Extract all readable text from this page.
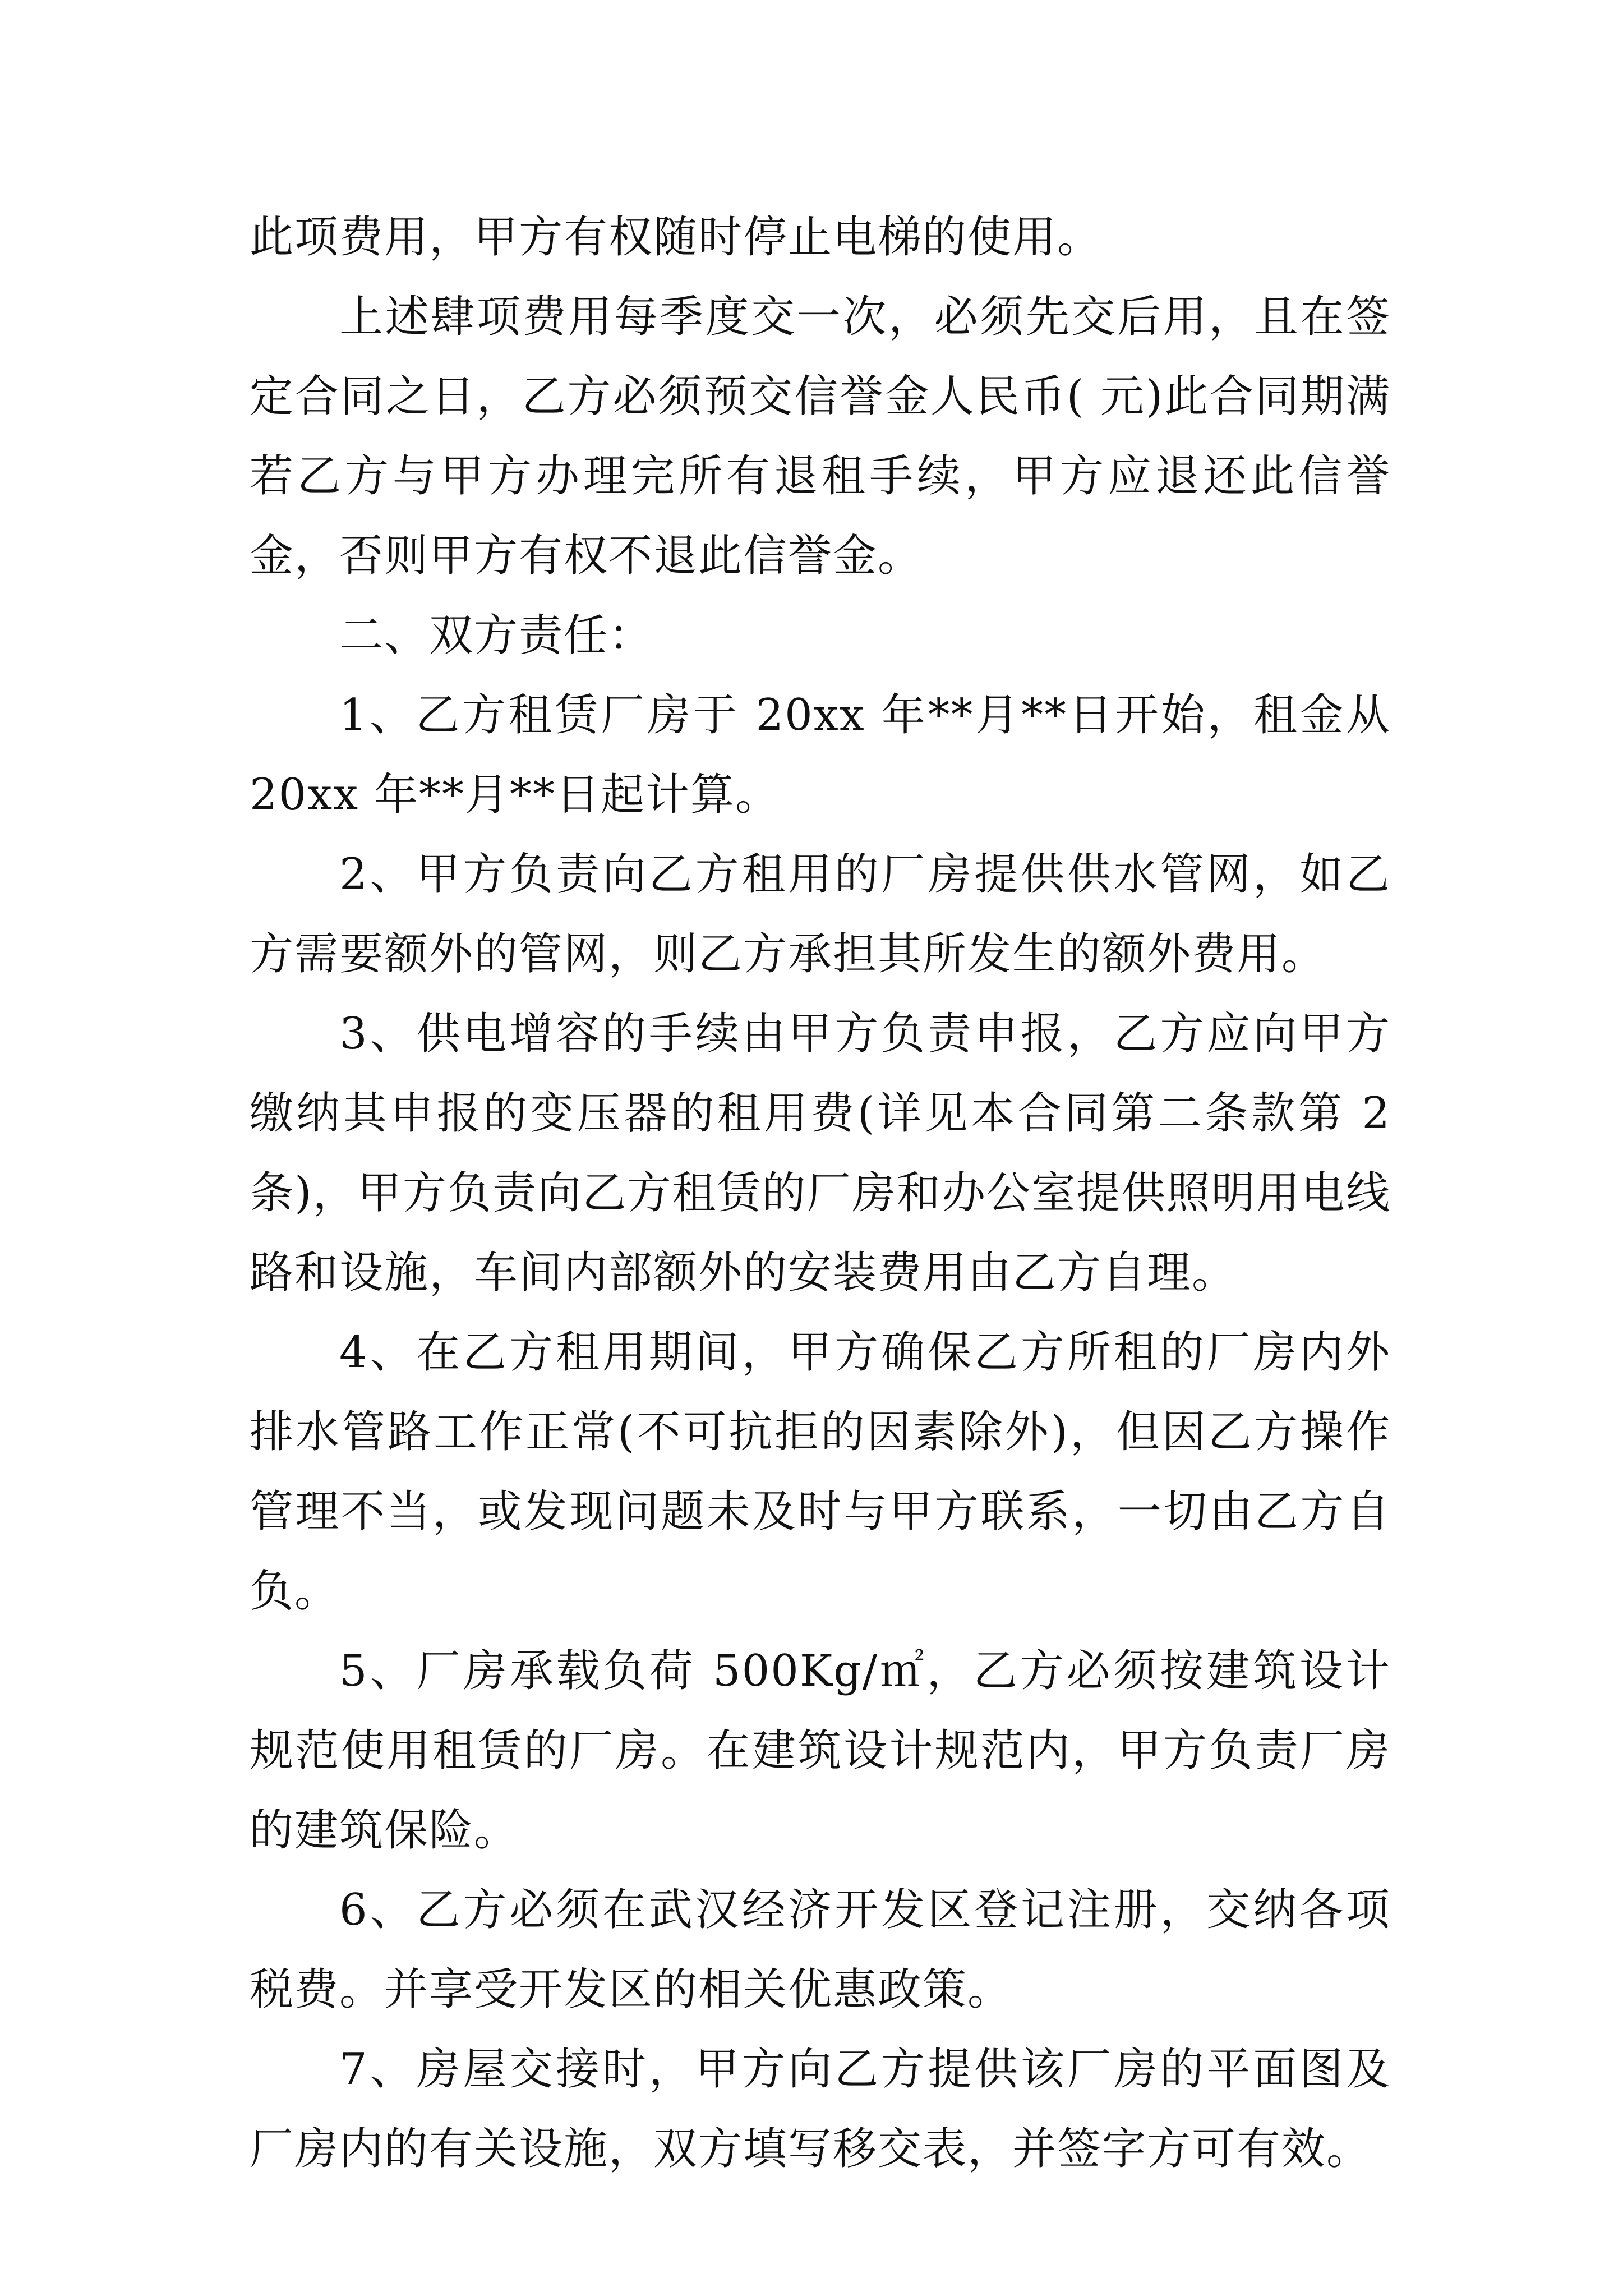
此项费用，甲方有权随时停止电梯的使用。

上述肆项费用每季度交一次，必须先交后用，且在签定合同之日，乙方必须预交信誉金人民币( 元)此合同期满若乙方与甲方办理完所有退租手续，甲方应退还此信誉金，否则甲方有权不退此信誉金。

二、双方责任：

1、乙方租赁厂房于 20xx 年**月**日开始，租金从 20xx 年**月**日起计算。

2、甲方负责向乙方租用的厂房提供供水管网，如乙方需要额外的管网，则乙方承担其所发生的额外费用。

3、供电增容的手续由甲方负责申报，乙方应向甲方缴纳其申报的变压器的租用费(详见本合同第二条款第 2 条)，甲方负责向乙方租赁的厂房和办公室提供照明用电线路和设施，车间内部额外的安装费用由乙方自理。

4、在乙方租用期间，甲方确保乙方所租的厂房内外排水管路工作正常(不可抗拒的因素除外)，但因乙方操作管理不当，或发现问题未及时与甲方联系，一切由乙方自负。

5、厂房承载负荷 500Kg/㎡，乙方必须按建筑设计规范使用租赁的厂房。在建筑设计规范内，甲方负责厂房的建筑保险。

6、乙方必须在武汉经济开发区登记注册，交纳各项税费。并享受开发区的相关优惠政策。

7、房屋交接时，甲方向乙方提供该厂房的平面图及厂房内的有关设施，双方填写移交表，并签字方可有效。
